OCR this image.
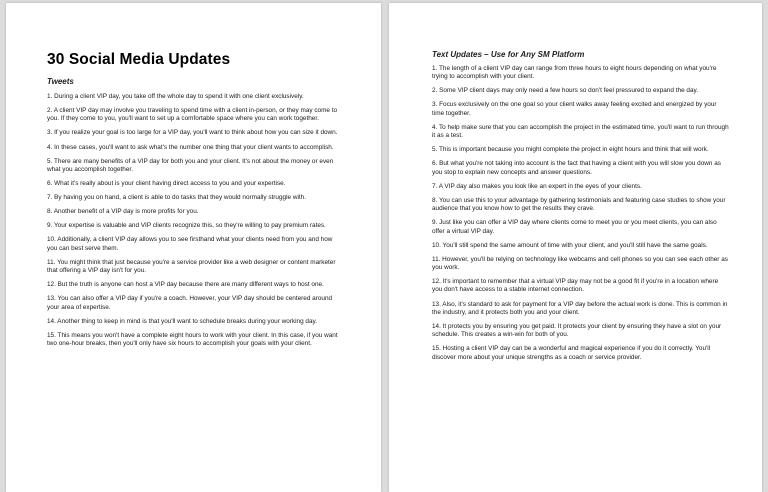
30 Social Media Updates
Tweets
1. During a client VIP day, you take off the whole day to spend it with one client exclusively.
2. A client VIP day may involve you traveling to spend time with a client in-person, or they may come to you. If they come to you, you'll want to set up a comfortable space where you can work together.
3. If you realize your goal is too large for a VIP day, you'll want to think about how you can size it down.
4. In these cases, you'll want to ask what's the number one thing that your client wants to accomplish.
5. There are many benefits of a VIP day for both you and your client. It's not about the money or even what you accomplish together.
6. What it's really about is your client having direct access to you and your expertise.
7. By having you on hand, a client is able to do tasks that they would normally struggle with.
8. Another benefit of a VIP day is more profits for you.
9. Your expertise is valuable and VIP clients recognize this, so they're willing to pay premium rates.
10. Additionally, a client VIP day allows you to see firsthand what your clients need from you and how you can best serve them.
11. You might think that just because you're a service provider like a web designer or content marketer that offering a VIP day isn't for you.
12. But the truth is anyone can host a VIP day because there are many different ways to host one.
13. You can also offer a VIP day if you're a coach. However, your VIP day should be centered around your area of expertise.
14. Another thing to keep in mind is that you'll want to schedule breaks during your working day.
15. This means you won't have a complete eight hours to work with your client. In this case, if you want two one-hour breaks, then you'll only have six hours to accomplish your goals with your client.
Text Updates – Use for Any SM Platform
1. The length of a client VIP day can range from three hours to eight hours depending on what you're trying to accomplish with your client.
2. Some VIP client days may only need a few hours so don't feel pressured to expand the day.
3. Focus exclusively on the one goal so your client walks away feeling excited and energized by your time together.
4. To help make sure that you can accomplish the project in the estimated time, you'll want to run through it as a test.
5. This is important because you might complete the project in eight hours and think that will work.
6. But what you're not taking into account is the fact that having a client with you will slow you down as you stop to explain new concepts and answer questions.
7. A VIP day also makes you look like an expert in the eyes of your clients.
8. You can use this to your advantage by gathering testimonials and featuring case studies to show your audience that you know how to get the results they crave.
9. Just like you can offer a VIP day where clients come to meet you or you meet clients, you can also offer a virtual VIP day.
10. You'll still spend the same amount of time with your client, and you'll still have the same goals.
11. However, you'll be relying on technology like webcams and cell phones so you can see each other as you work.
12. It's important to remember that a virtual VIP day may not be a good fit if you're in a location where you don't have access to a stable internet connection.
13. Also, it's standard to ask for payment for a VIP day before the actual work is done. This is common in the industry, and it protects both you and your client.
14. It protects you by ensuring you get paid. It protects your client by ensuring they have a slot on your schedule. This creates a win-win for both of you.
15. Hosting a client VIP day can be a wonderful and magical experience if you do it correctly. You'll discover more about your unique strengths as a coach or service provider.
